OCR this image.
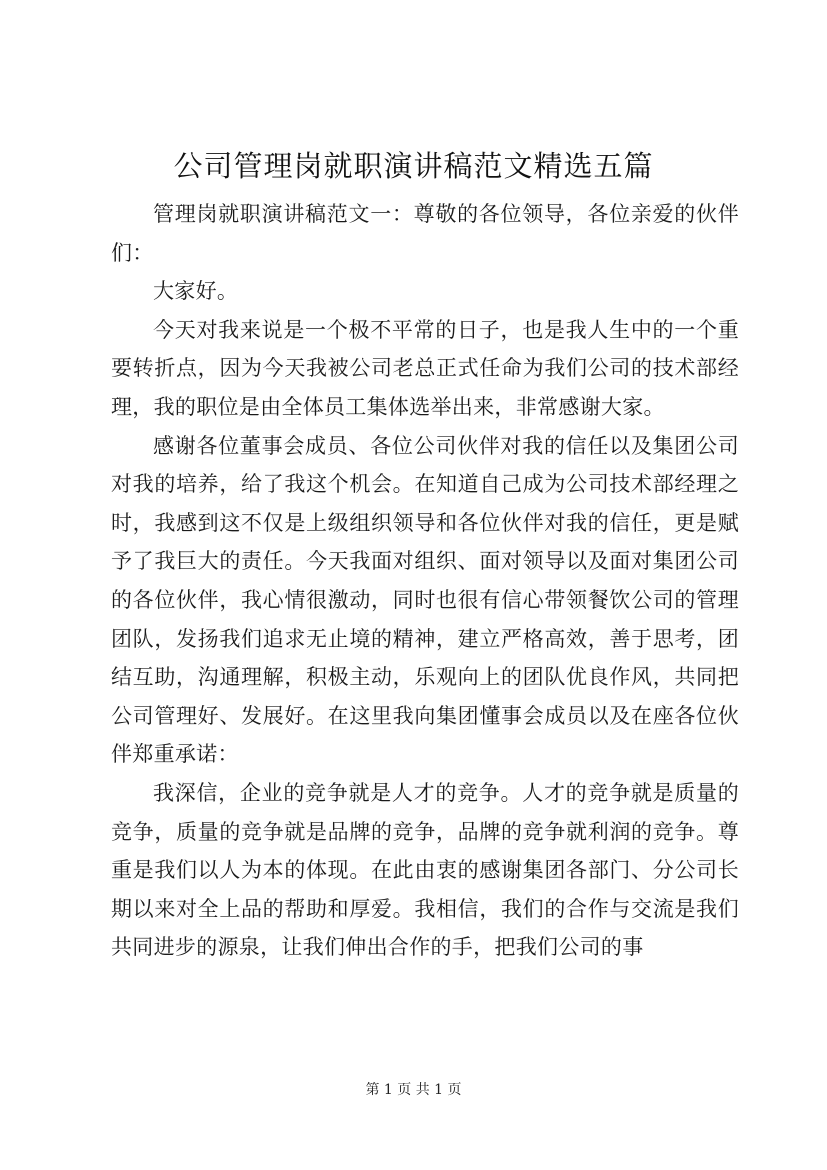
公司管理岗就职演讲稿范文精选五篇

管理岗就职演讲稿范文一：尊敬的各位领导，各位亲爱的伙伴们：

大家好。

今天对我来说是一个极不平常的日子，也是我人生中的一个重要转折点，因为今天我被公司老总正式任命为我们公司的技术部经理，我的职位是由全体员工集体选举出来，非常感谢大家。

感谢各位董事会成员、各位公司伙伴对我的信任以及集团公司对我的培养，给了我这个机会。在知道自己成为公司技术部经理之时，我感到这不仅是上级组织领导和各位伙伴对我的信任，更是赋予了我巨大的责任。今天我面对组织、面对领导以及面对集团公司的各位伙伴，我心情很激动，同时也很有信心带领餐饮公司的管理团队，发扬我们追求无止境的精神，建立严格高效，善于思考，团结互助，沟通理解，积极主动，乐观向上的团队优良作风，共同把公司管理好、发展好。在这里我向集团懂事会成员以及在座各位伙伴郑重承诺：

我深信，企业的竞争就是人才的竞争。人才的竞争就是质量的竞争，质量的竞争就是品牌的竞争，品牌的竞争就利润的竞争。尊重是我们以人为本的体现。在此由衷的感谢集团各部门、分公司长期以来对全上品的帮助和厚爱。我相信，我们的合作与交流是我们共同进步的源泉，让我们伸出合作的手，把我们公司的事

第 1 页 共 1 页
